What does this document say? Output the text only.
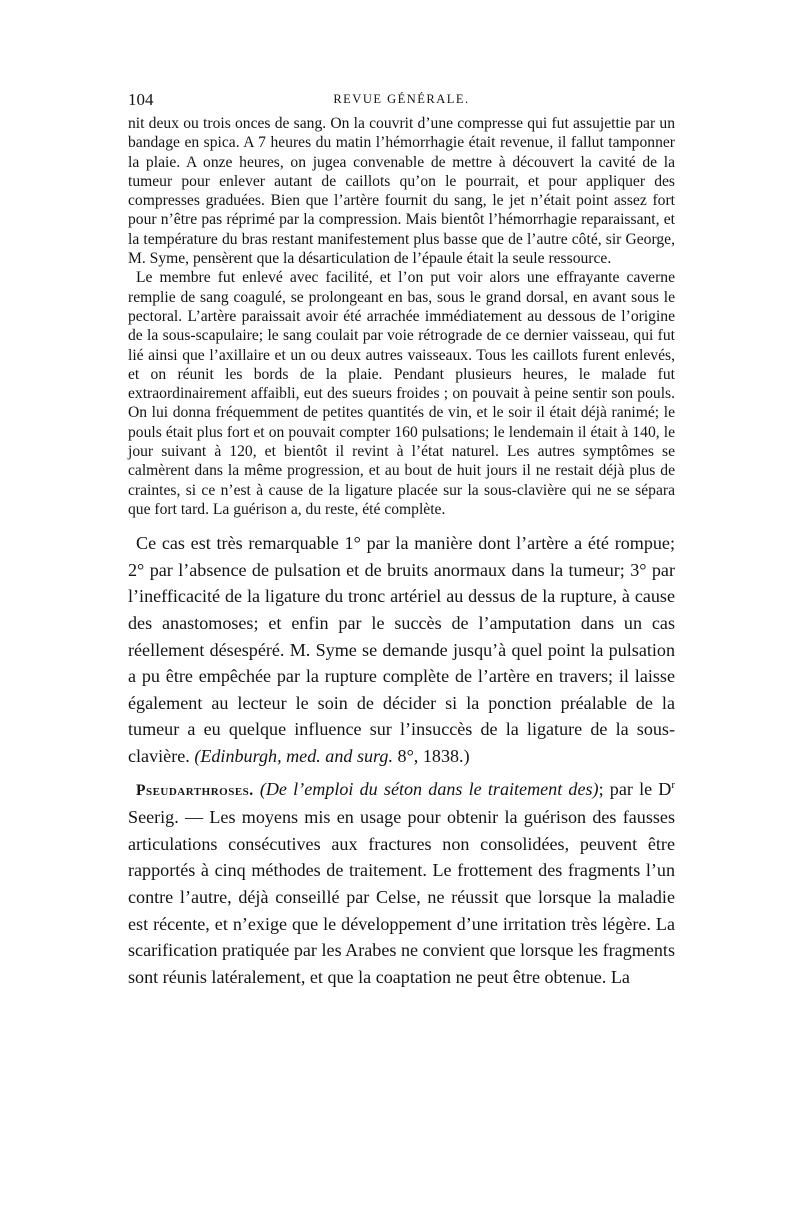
104	REVUE GÉNÉRALE.

nit deux ou trois onces de sang. On la couvrit d’une compresse qui fut assujettie par un bandage en spica. A 7 heures du matin l’hémorrhagie était revenue, il fallut tamponner la plaie. A onze heures, on jugea convenable de mettre à découvert la cavité de la tumeur pour enlever autant de caillots qu’on le pourrait, et pour appliquer des compresses graduées. Bien que l’artère fournit du sang, le jet n’était point assez fort pour n’être pas réprimé par la compression. Mais bientôt l’hémorrhagie reparaissant, et la température du bras restant manifestement plus basse que de l’autre côté, sir George, M. Syme, pensèrent que la désarticulation de l’épaule était la seule ressource.

Le membre fut enlevé avec facilité, et l’on put voir alors une effrayante caverne remplie de sang coagulé, se prolongeant en bas, sous le grand dorsal, en avant sous le pectoral. L’artère paraissait avoir été arrachée immédiatement au dessous de l’origine de la sous-scapulaire; le sang coulait par voie rétrograde de ce dernier vaisseau, qui fut lié ainsi que l’axillaire et un ou deux autres vaisseaux. Tous les caillots furent enlevés, et on réunit les bords de la plaie. Pendant plusieurs heures, le malade fut extraordinairement affaibli, eut des sueurs froides ; on pouvait à peine sentir son pouls. On lui donna fréquemment de petites quantités de vin, et le soir il était déjà ranimé; le pouls était plus fort et on pouvait compter 160 pulsations; le lendemain il était à 140, le jour suivant à 120, et bientôt il revint à l’état naturel. Les autres symptômes se calmèrent dans la même progression, et au bout de huit jours il ne restait déjà plus de craintes, si ce n’est à cause de la ligature placée sur la sous-clavière qui ne se sépara que fort tard. La guérison a, du reste, été complète.

Ce cas est très remarquable 1° par la manière dont l’artère a été rompue; 2° par l’absence de pulsation et de bruits anormaux dans la tumeur; 3° par l’inefficacité de la ligature du tronc artériel au dessus de la rupture, à cause des anastomoses; et enfin par le succès de l’amputation dans un cas réellement désespéré. M. Syme se demande jusqu’à quel point la pulsation a pu être empêchée par la rupture complète de l’artère en travers; il laisse également au lecteur le soin de décider si la ponction préalable de la tumeur a eu quelque influence sur l’insuccès de la ligature de la sous-clavière. (Edinburgh, med. and surg. 8°, 1838.)

Pseudarthroses. (De l’emploi du séton dans le traitement des); par le $D^r$ Seerig. — Les moyens mis en usage pour obtenir la guérison des fausses articulations consécutives aux fractures non consolidées, peuvent être rapportés à cinq méthodes de traitement. Le frottement des fragments l’un contre l’autre, déjà conseillé par Celse, ne réussit que lorsque la maladie est récente, et n’exige que le développement d’une irritation très légère. La scarification pratiquée par les Arabes ne convient que lorsque les fragments sont réunis latéralement, et que la coaptation ne peut être obtenue. La
